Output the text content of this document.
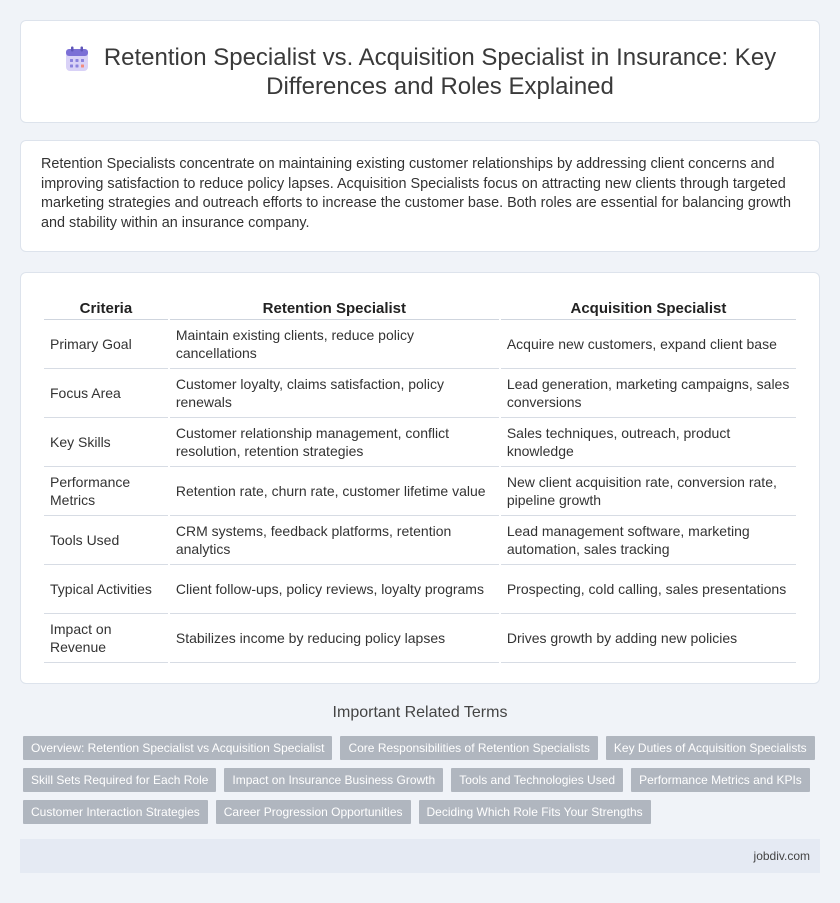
Retention Specialist vs. Acquisition Specialist in Insurance: Key Differences and Roles Explained

Retention Specialists concentrate on maintaining existing customer relationships by addressing client concerns and improving satisfaction to reduce policy lapses. Acquisition Specialists focus on attracting new clients through targeted marketing strategies and outreach efforts to increase the customer base. Both roles are essential for balancing growth and stability within an insurance company.

Criteria	Retention Specialist	Acquisition Specialist
Primary Goal	Maintain existing clients, reduce policy cancellations	Acquire new customers, expand client base
Focus Area	Customer loyalty, claims satisfaction, policy renewals	Lead generation, marketing campaigns, sales conversions
Key Skills	Customer relationship management, conflict resolution, retention strategies	Sales techniques, outreach, product knowledge
Performance Metrics	Retention rate, churn rate, customer lifetime value	New client acquisition rate, conversion rate, pipeline growth
Tools Used	CRM systems, feedback platforms, retention analytics	Lead management software, marketing automation, sales tracking
Typical Activities	Client follow-ups, policy reviews, loyalty programs	Prospecting, cold calling, sales presentations
Impact on Revenue	Stabilizes income by reducing policy lapses	Drives growth by adding new policies
Important Related Terms
Overview: Retention Specialist vs Acquisition Specialist	Core Responsibilities of Retention Specialists	Key Duties of Acquisition Specialists
Skill Sets Required for Each Role	Impact on Insurance Business Growth	Tools and Technologies Used	Performance Metrics and KPIs
Customer Interaction Strategies	Career Progression Opportunities	Deciding Which Role Fits Your Strengths
jobdiv.com
